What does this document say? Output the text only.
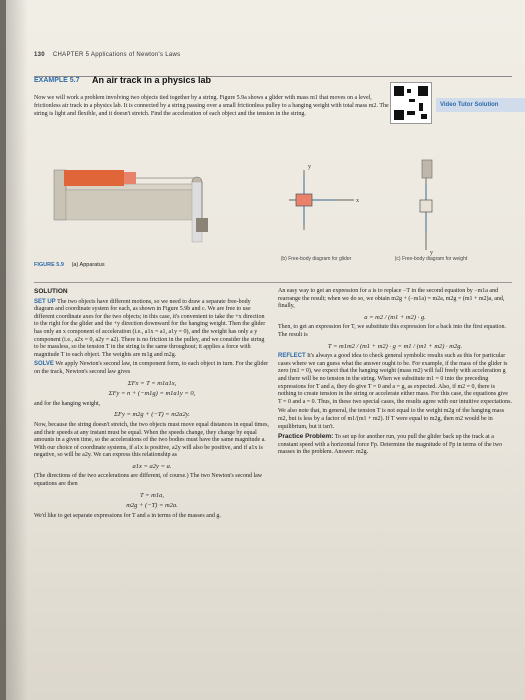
130 CHAPTER 5 Applications of Newton's Laws
EXAMPLE 5.7 An air track in a physics lab
Video Tutor Solution
Now we will work a problem involving two objects tied together by a string. Figure 5.9a shows a glider with mass m1 that moves on a level, frictionless air track in a physics lab. It is connected by a string passing over a small frictionless pulley to a hanging weight with total mass m2. The string is light and flexible, and it doesn't stretch. Find the acceleration of each object and the tension in the string.
y
x
y
FIGURE 5.9 (a) Apparatus
(b) Free-body diagram for glider	(c) Free-body diagram for weight

SOLUTION

SET UP The two objects have different motions, so we need to draw a separate free-body diagram and coordinate system for each, as shown in Figure 5.9b and c. We are free to use different coordinate axes for the two objects; in this case, it's convenient to take the +x direction to the right for the glider and the +y direction downward for the hanging weight. Then the glider has only an x component of acceleration (i.e., a1x = a1, a1y = 0), and the weight has only a y component (i.e., a2x = 0, a2y = a2). There is no friction in the pulley, and we consider the string to be massless, so the tension T in the string is the same throughout; it applies a force with magnitude T to each object. The weights are m1g and m2g.

SOLVE We apply Newton's second law, in component form, to each object in turn. For the glider on the track, Newton's second law gives

ΣFx = T = m1a1x,
ΣFy = n + (−m1g) = m1a1y = 0,

and for the hanging weight,

ΣFy = m2g + (−T) = m2a2y.

Now, because the string doesn't stretch, the two objects must move equal distances in equal times, and their speeds at any instant must be equal. When the speeds change, they change by equal amounts in a given time, so the accelerations of the two bodies must have the same magnitude a. With our choice of coordinate systems, if a1x is positive, a2y will also be positive, and if a1x is negative, so will be a2y. We can express this relationship as

a1x = a2y = a.

(The directions of the two accelerations are different, of course.) The two Newton's second law equations are then

T = m1a,
m2g + (−T) = m2a.

We'd like to get separate expressions for T and a in terms of the masses and g.

An easy way to get an expression for a is to replace −T in the second equation by −m1a and rearrange the result; when we do so, we obtain m2g + (−m1a) = m2a, m2g = (m1 + m2)a, and, finally,

a = m2 / (m1 + m2) · g.

Then, to get an expression for T, we substitute this expression for a back into the first equation. The result is

T = m1m2 / (m1 + m2) · g = m1 / (m1 + m2) · m2g.

REFLECT It's always a good idea to check general symbolic results such as this for particular cases where we can guess what the answer ought to be. For example, if the mass of the glider is zero (m1 = 0), we expect that the hanging weight (mass m2) will fall freely with acceleration g and there will be no tension in the string. When we substitute m1 = 0 into the preceding expressions for T and a, they do give T = 0 and a = g, as expected. Also, if m2 = 0, there is nothing to create tension in the string or accelerate either mass. For this case, the equations give T = 0 and a = 0. Thus, in these two special cases, the results agree with our intuitive expectations.

We also note that, in general, the tension T is not equal to the weight m2g of the hanging mass m2, but is less by a factor of m1/(m1 + m2). If T were equal to m2g, then m2 would be in equilibrium, but it isn't.

Practice Problem: To set up for another run, you pull the glider back up the track at a constant speed with a horizontal force Fp. Determine the magnitude of Fp in terms of the two masses in the problem. Answer: m2g.
